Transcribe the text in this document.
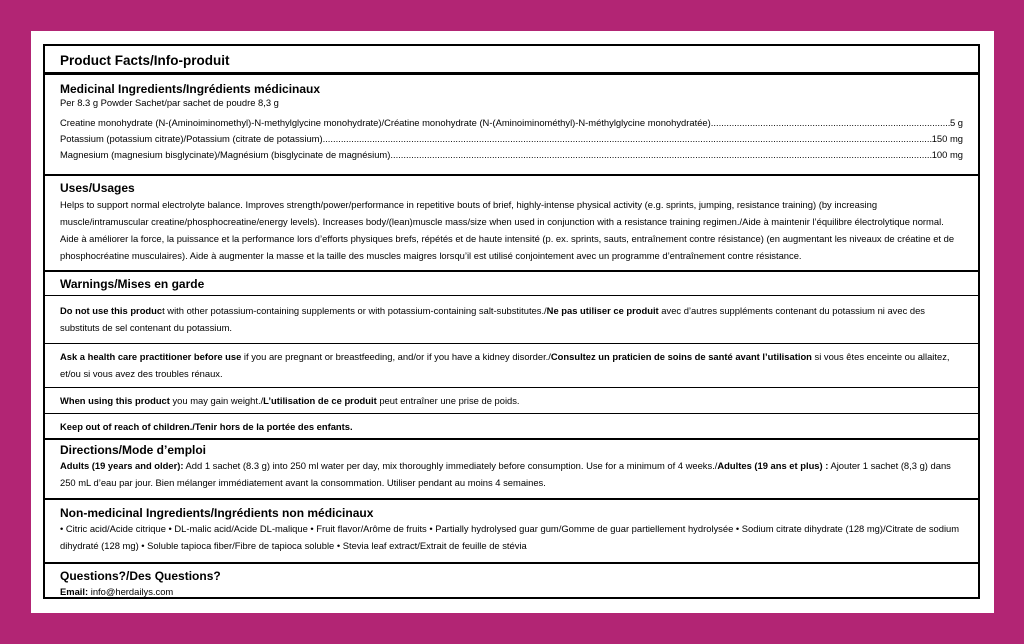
Product Facts/Info-produit
Medicinal Ingredients/Ingrédients médicinaux
Per 8.3 g Powder Sachet/par sachet de poudre 8,3 g
Creatine monohydrate (N-(Aminoiminomethyl)-N-methylglycine monohydrate)/Créatine monohydrate (N-(Aminoiminométhyl)-N-méthylglycine monohydratée) .....	5 g
Potassium (potassium citrate)/Potassium (citrate de potassium) .....	150 mg
Magnesium (magnesium bisglycinate)/Magnésium (bisglycinate de magnésium) .....	100 mg
Uses/Usages
Helps to support normal electrolyte balance. Improves strength/power/performance in repetitive bouts of brief, highly-intense physical activity (e.g. sprints, jumping, resistance training) (by increasing muscle/intramuscular creatine/phosphocreatine/energy levels). Increases body/(lean)muscle mass/size when used in conjunction with a resistance training regimen./Aide à maintenir l’équilibre électrolytique normal. Aide à améliorer la force, la puissance et la performance lors d’efforts physiques brefs, répétés et de haute intensité (p. ex. sprints, sauts, entraînement contre résistance) (en augmentant les niveaux de créatine et de phosphocréatine musculaires). Aide à augmenter la masse et la taille des muscles maigres lorsqu’il est utilisé conjointement avec un programme d’entraînement contre résistance.
Warnings/Mises en garde
Do not use this product with other potassium-containing supplements or with potassium-containing salt-substitutes./Ne pas utiliser ce produit avec d’autres suppléments contenant du potassium ni avec des substituts de sel contenant du potassium.
Ask a health care practitioner before use if you are pregnant or breastfeeding, and/or if you have a kidney disorder./Consultez un praticien de soins de santé avant l’utilisation si vous êtes enceinte ou allaitez, et/ou si vous avez des troubles rénaux.
When using this product you may gain weight./L’utilisation de ce produit peut entraîner une prise de poids.
Keep out of reach of children./Tenir hors de la portée des enfants.
Directions/Mode d’emploi
Adults (19 years and older): Add 1 sachet (8.3 g) into 250 ml water per day, mix thoroughly immediately before consumption. Use for a minimum of 4 weeks./Adultes (19 ans et plus) : Ajouter 1 sachet (8,3 g) dans 250 mL d’eau par jour. Bien mélanger immédiatement avant la consommation. Utiliser pendant au moins 4 semaines.
Non-medicinal Ingredients/Ingrédients non médicinaux
• Citric acid/Acide citrique • DL-malic acid/Acide DL-malique • Fruit flavor/Arôme de fruits • Partially hydrolysed guar gum/Gomme de guar partiellement hydrolysée • Sodium citrate dihydrate (128 mg)/Citrate de sodium dihydraté (128 mg) • Soluble tapioca fiber/Fibre de tapioca soluble • Stevia leaf extract/Extrait de feuille de stévia
Questions?/Des Questions?
Email: info@herdailys.com
